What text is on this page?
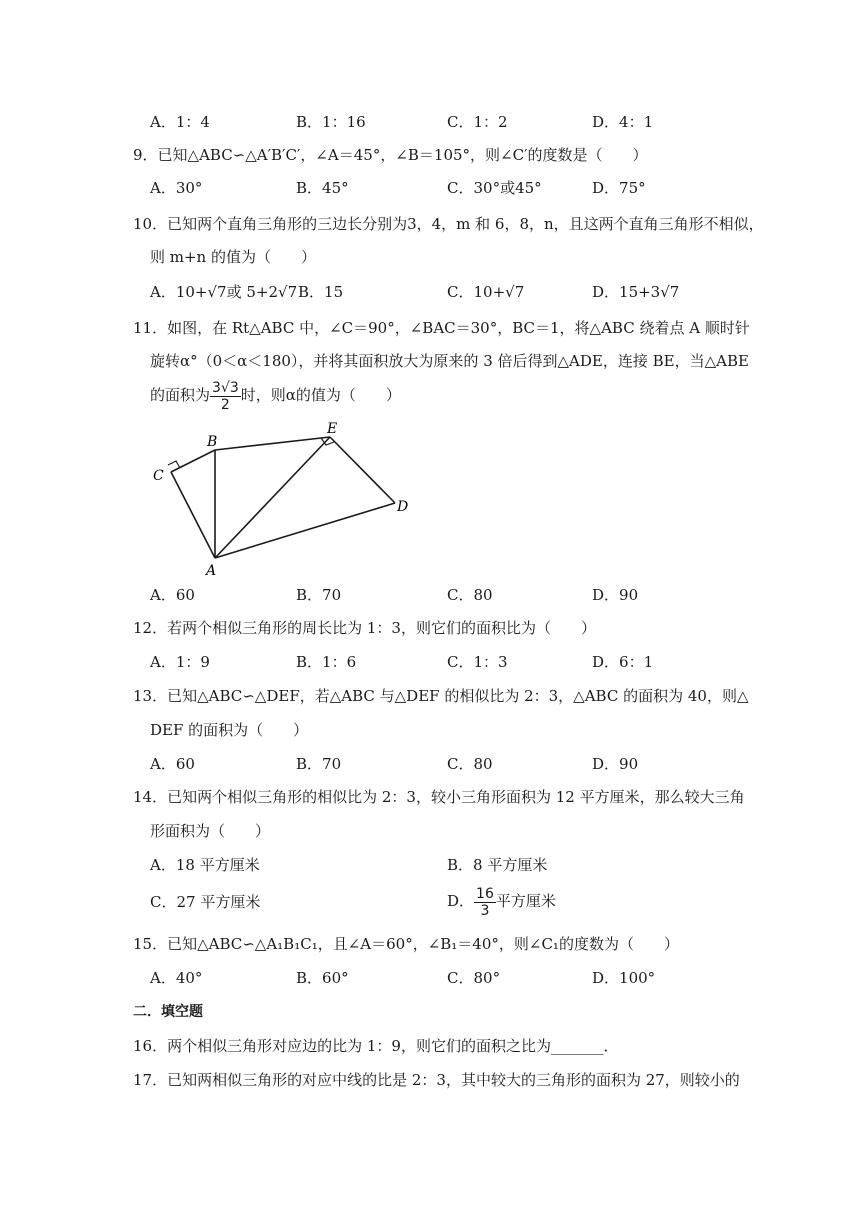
A．1：4	B．1：16	C．1：2	D．4：1
9．已知△ABC∽△A′B′C′，∠A＝45°，∠B＝105°，则∠C′的度数是（　　）
A．30°	B．45°	C．30°或45°	D．75°
10．已知两个直角三角形的三边长分别为3，4，m 和 6，8，n，且这两个直角三角形不相似，
则 m+n 的值为（　　）
A．10+√7或 5+2√7 B．15	C．10+√7	D．15+3√7
11．如图，在 Rt△ABC 中，∠C＝90°，∠BAC＝30°，BC＝1，将△ABC 绕着点 A 顺时针
旋转α°（0＜α＜180），并将其面积放大为原来的 3 倍后得到△ADE，连接 BE，当△ABE
的面积为 $\frac{3√3}{2}$ 时，则α的值为（　　）
B
E
C
D
A
A．60	B．70	C．80	D．90
12．若两个相似三角形的周长比为 1：3，则它们的面积比为（　　）
A．1：9	B．1：6	C．1：3	D．6：1
13．已知△ABC∽△DEF，若△ABC 与△DEF 的相似比为 2：3，△ABC 的面积为 40，则△
DEF 的面积为（　　）
A．60	B．70	C．80	D．90
14．已知两个相似三角形的相似比为 2：3，较小三角形面积为 12 平方厘米，那么较大三角
形面积为（　　）
A．18 平方厘米	B．8 平方厘米
C．27 平方厘米	D． $\frac{16}{3}$ 平方厘米
15．已知△ABC∽△A₁B₁C₁，且∠A＝60°，∠B₁＝40°，则∠C₁的度数为（　　）
A．40°	B．60°	C．80°	D．100°
二．填空题
16．两个相似三角形对应边的比为 1：9，则它们的面积之比为_______．
17．已知两相似三角形的对应中线的比是 2：3，其中较大的三角形的面积为 27，则较小的
